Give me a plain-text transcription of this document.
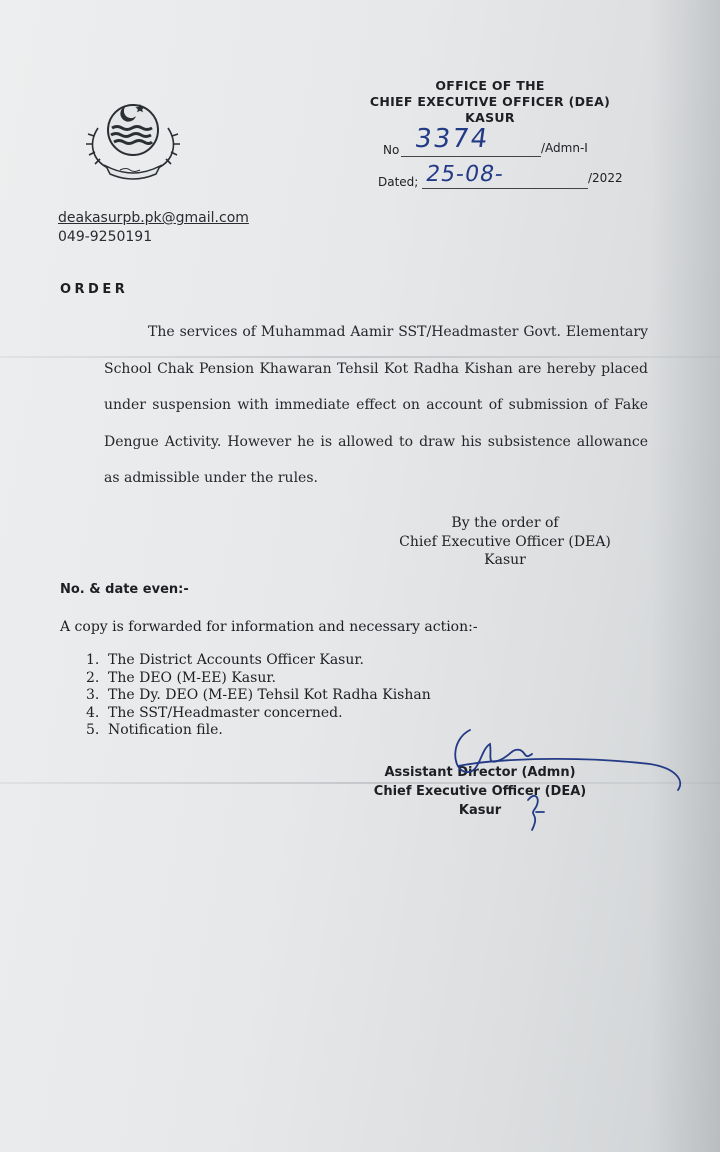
OFFICE OF THE
CHIEF EXECUTIVE OFFICER (DEA)
KASUR
No 3374	/Admn-I
Dated; 25-08-	/2022
deakasurpb.pk@gmail.com
049-9250191
ORDER
The services of Muhammad Aamir SST/Headmaster Govt. Elementary School Chak Pension Khawaran Tehsil Kot Radha Kishan are hereby placed under suspension with immediate effect on account of submission of Fake Dengue Activity. However he is allowed to draw his subsistence allowance as admissible under the rules.
By the order of
Chief Executive Officer (DEA)
Kasur
No. & date even:-
A copy is forwarded for information and necessary action:-
1. The District Accounts Officer Kasur.
2. The DEO (M-EE) Kasur.
3. The Dy. DEO (M-EE) Tehsil Kot Radha Kishan
4. The SST/Headmaster concerned.
5. Notification file.
Assistant Director (Admn)
Chief Executive Officer (DEA)
Kasur
